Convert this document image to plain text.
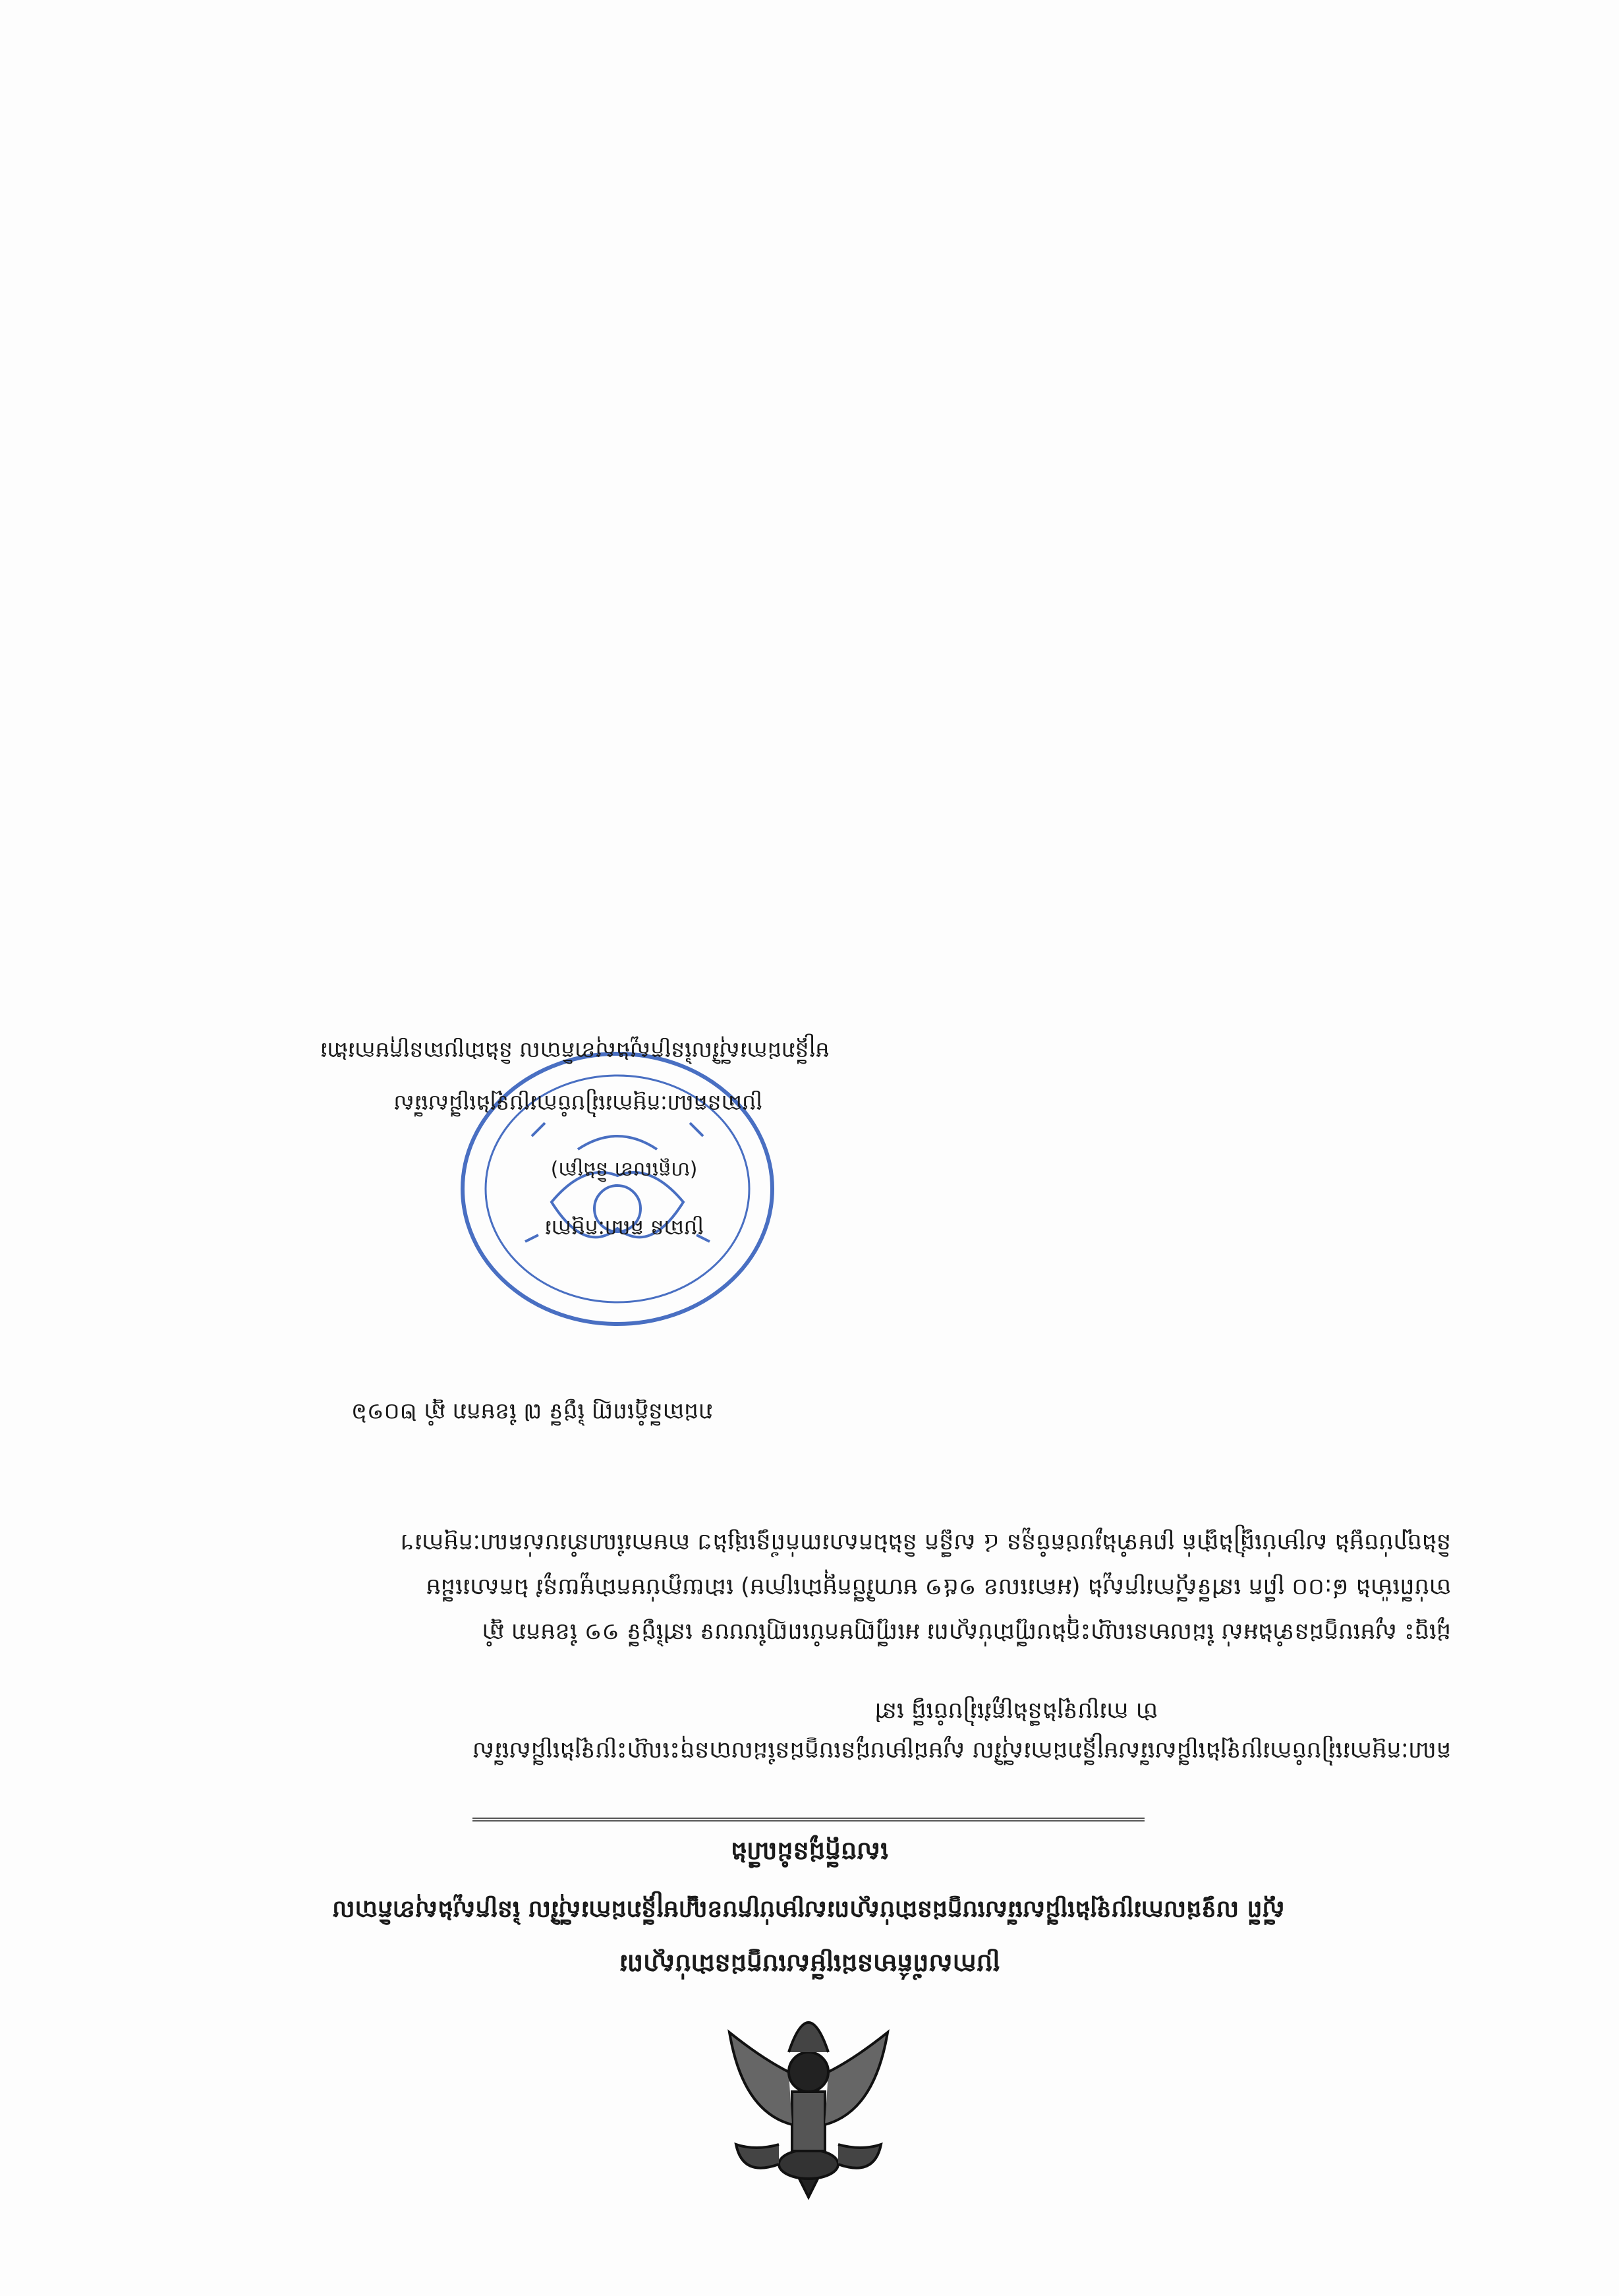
ប្រកាសព័ត៌មានជម្រើសបេក្ខជនជាប់ស្ថាពរ
ស្តីពី លទ្ធផលការប្រឡងជ្រើសរើសបេក្ខជនជាប់ស្ថាពរសម្រាប់ក្របខណ្ឌមន្ត្រីរាជការស៊ីវិល នៃក្រសួងសុខាភិបាល
សេចក្តីជូនដំណឹង
គណៈកម្មការរៀបចំការប្រឡងជ្រើសរើសមន្ត្រីរាជការស៊ីវិល សូមជម្រាបជូនបេក្ខជនដែលបានចុះឈ្មោះប្រឡងជ្រើសរើស
ថា ការប្រឡងនឹងត្រូវរៀបចំធ្វើ នៅ
ដូច្នេះ សូមបេក្ខជនទាំងអស់ ដែលមានឈ្មោះក្នុងបញ្ជីជាប់ស្ថាពរ អញ្ជើញមកបំពេញបែបបទ នៅថ្ងៃទី ១១ ខែមករា ឆ្នាំ
ចាប់ពីម៉ោង ៨:០០ ព្រឹក នៅទីស្តីការក្រសួង (អគារលេខ ១៥១ មហាវិថីកម្ពុជាក្រោម) ដោយភ្ជាប់មកជាមួយនូវ ឯកសារដើម
និងច្បាប់ចម្លង សម្រាប់ផ្ទៀងផ្ទាត់ ព្រមទាំងរូបថតចំនួន ៤ សន្លឹក និងឯកសារពាក់ព័ន្ធផ្សេងៗ តាមការណែនាំរបស់គណៈកម្មការ។
រាជធានីភ្នំពេញ ថ្ងៃទី ៧ ខែមករា ឆ្នាំ ២០១៦
ប្រធាន គណៈកម្មការ
(ហត្ថលេខា និងត្រា)
ប្រធានគណៈកម្មការរៀបចំការប្រឡងជ្រើសរើស
មន្ត្រីរាជការស៊ីវិលនៃក្រសួងសុខាភិបាល និងជាប្រធានក្រុមការងារ
